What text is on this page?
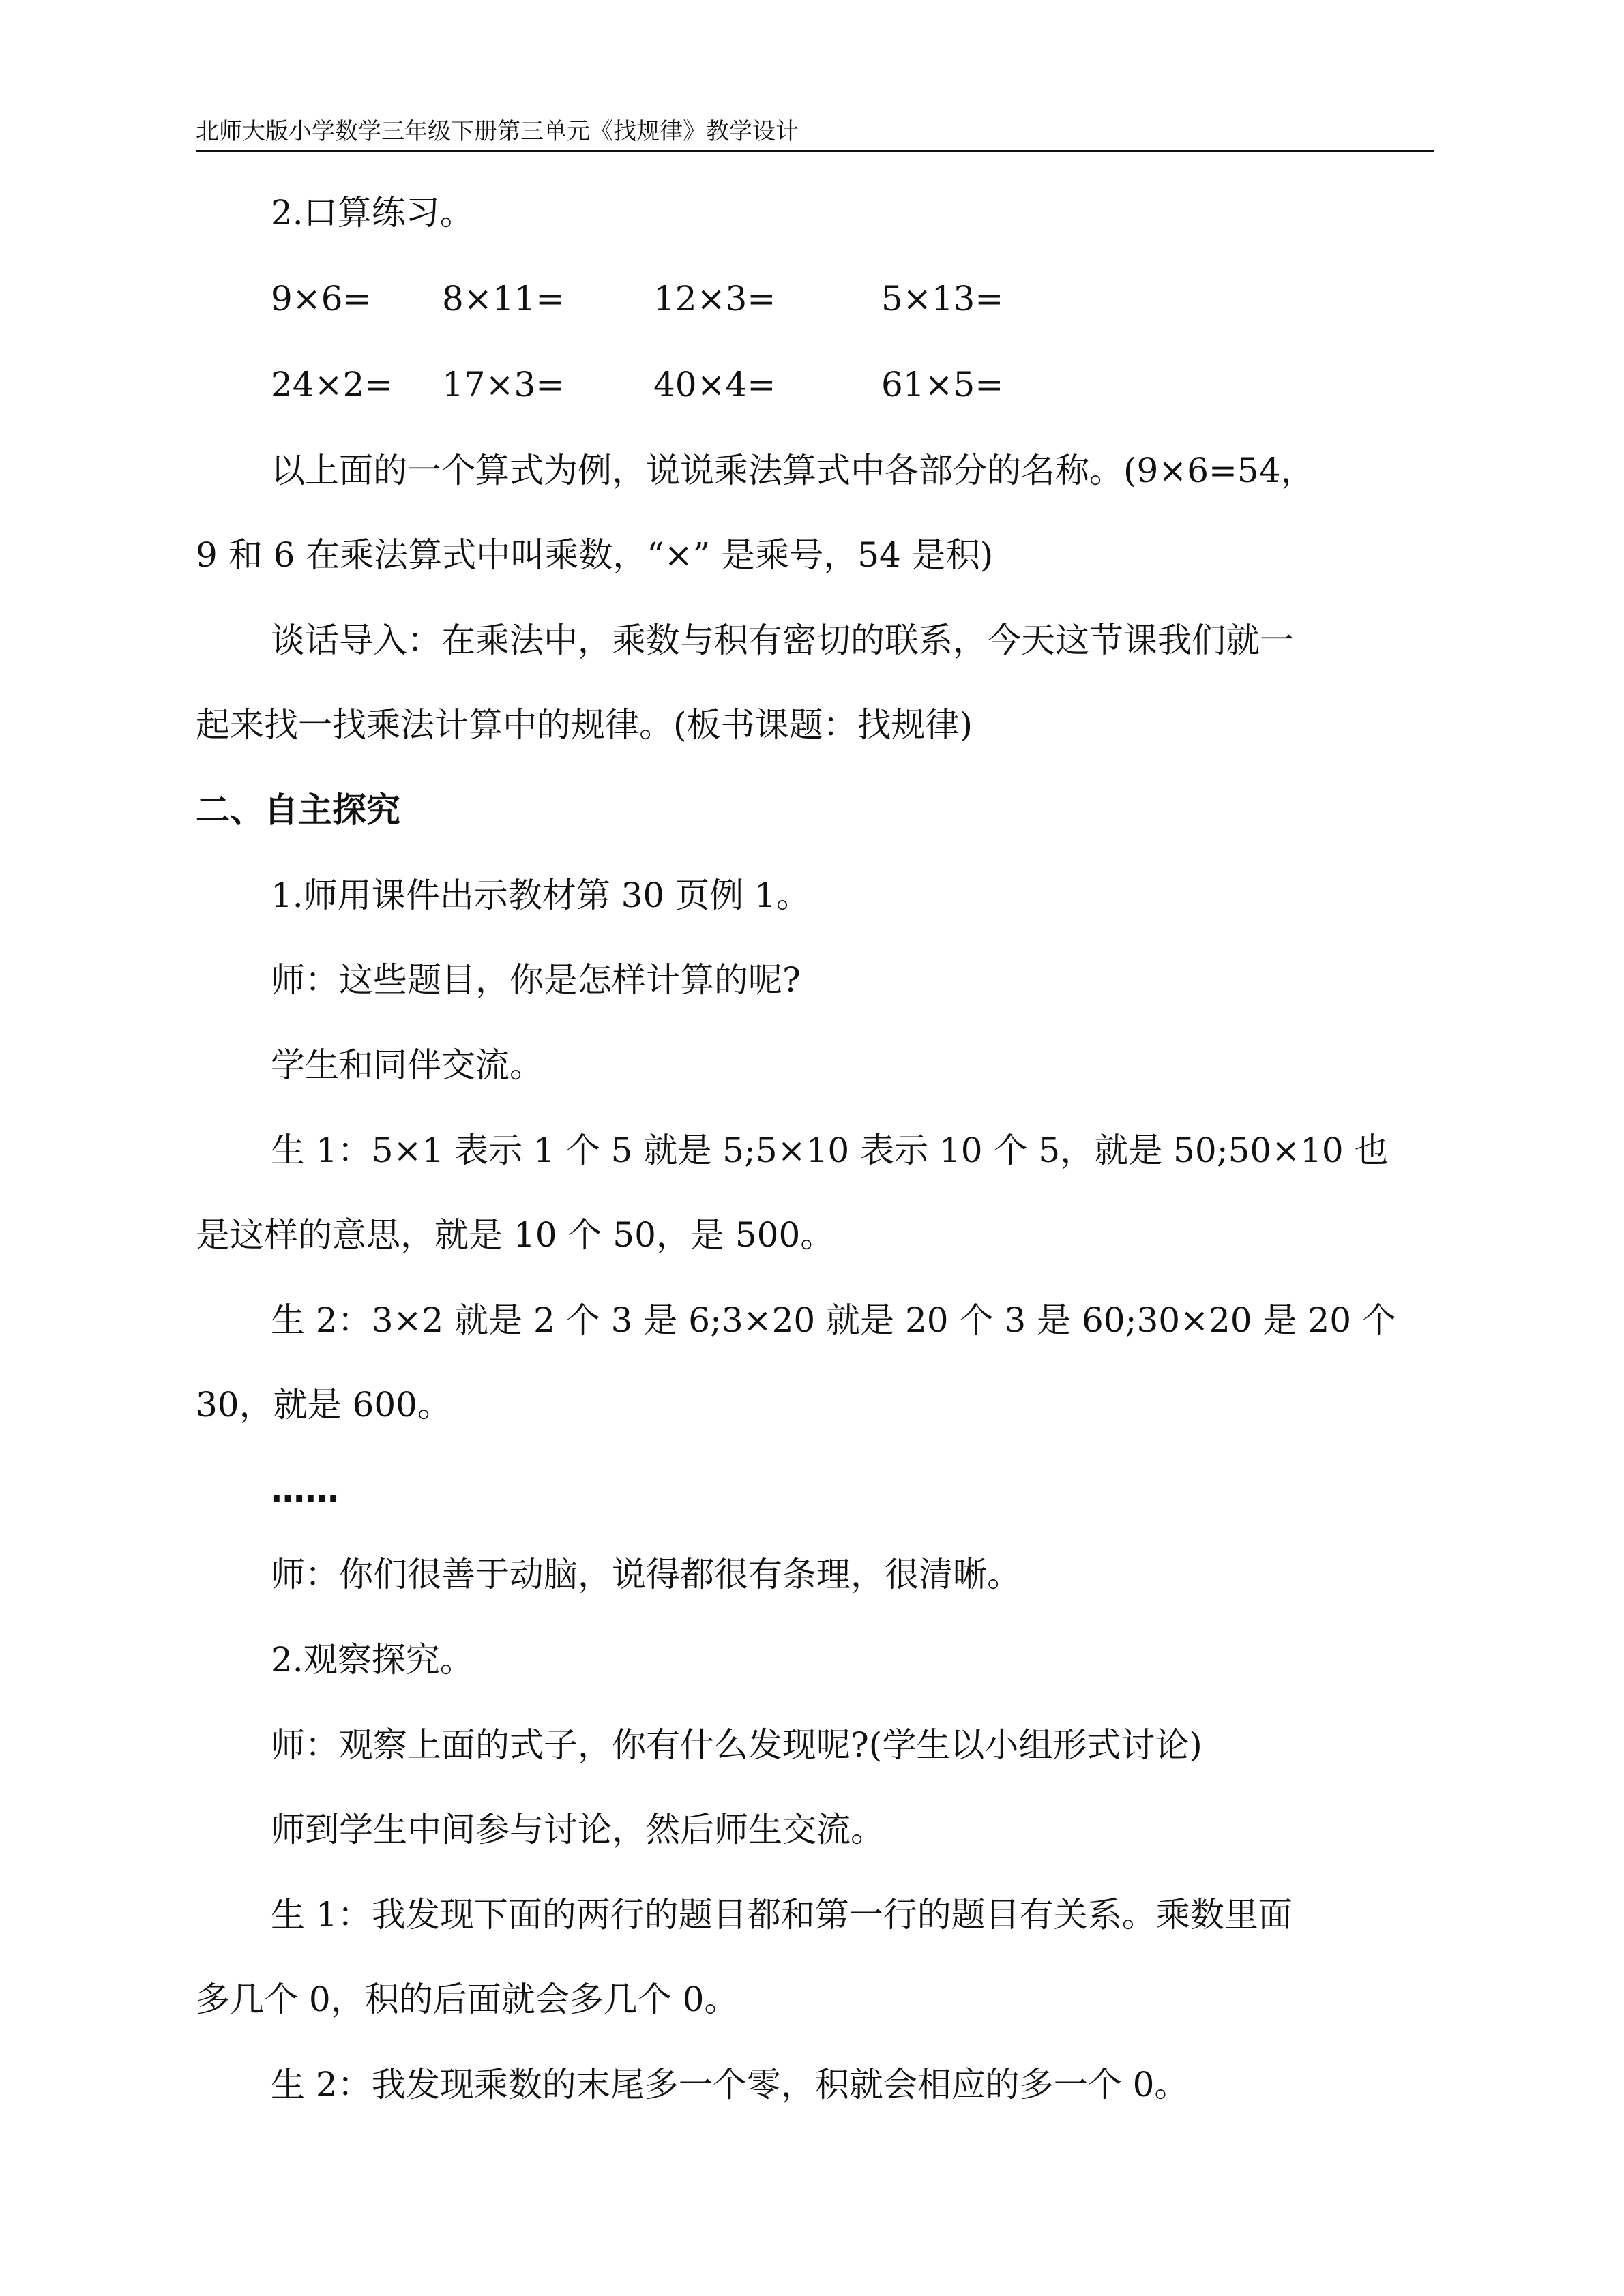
北师大版小学数学三年级下册第三单元《找规律》教学设计
2.口算练习。
9×6= 8×11=	12×3=	5×13=
24×2= 17×3=	40×4=	61×5=
以上面的一个算式为例，说说乘法算式中各部分的名称。(9×6=54，
9 和 6 在乘法算式中叫乘数，“×” 是乘号，54 是积)
谈话导入：在乘法中，乘数与积有密切的联系，今天这节课我们就一
起来找一找乘法计算中的规律。(板书课题：找规律)
二、自主探究
1.师用课件出示教材第 30 页例 1。
师：这些题目，你是怎样计算的呢?
学生和同伴交流。
生 1：5×1 表示 1 个 5 就是 5;5×10 表示 10 个 5，就是 50;50×10 也
是这样的意思，就是 10 个 50，是 500。
生 2：3×2 就是 2 个 3 是 6;3×20 就是 20 个 3 是 60;30×20 是 20 个
30，就是 600。
……
师：你们很善于动脑，说得都很有条理，很清晰。
2.观察探究。
师：观察上面的式子，你有什么发现呢?(学生以小组形式讨论)
师到学生中间参与讨论，然后师生交流。
生 1：我发现下面的两行的题目都和第一行的题目有关系。乘数里面
多几个 0，积的后面就会多几个 0。
生 2：我发现乘数的末尾多一个零，积就会相应的多一个 0。
